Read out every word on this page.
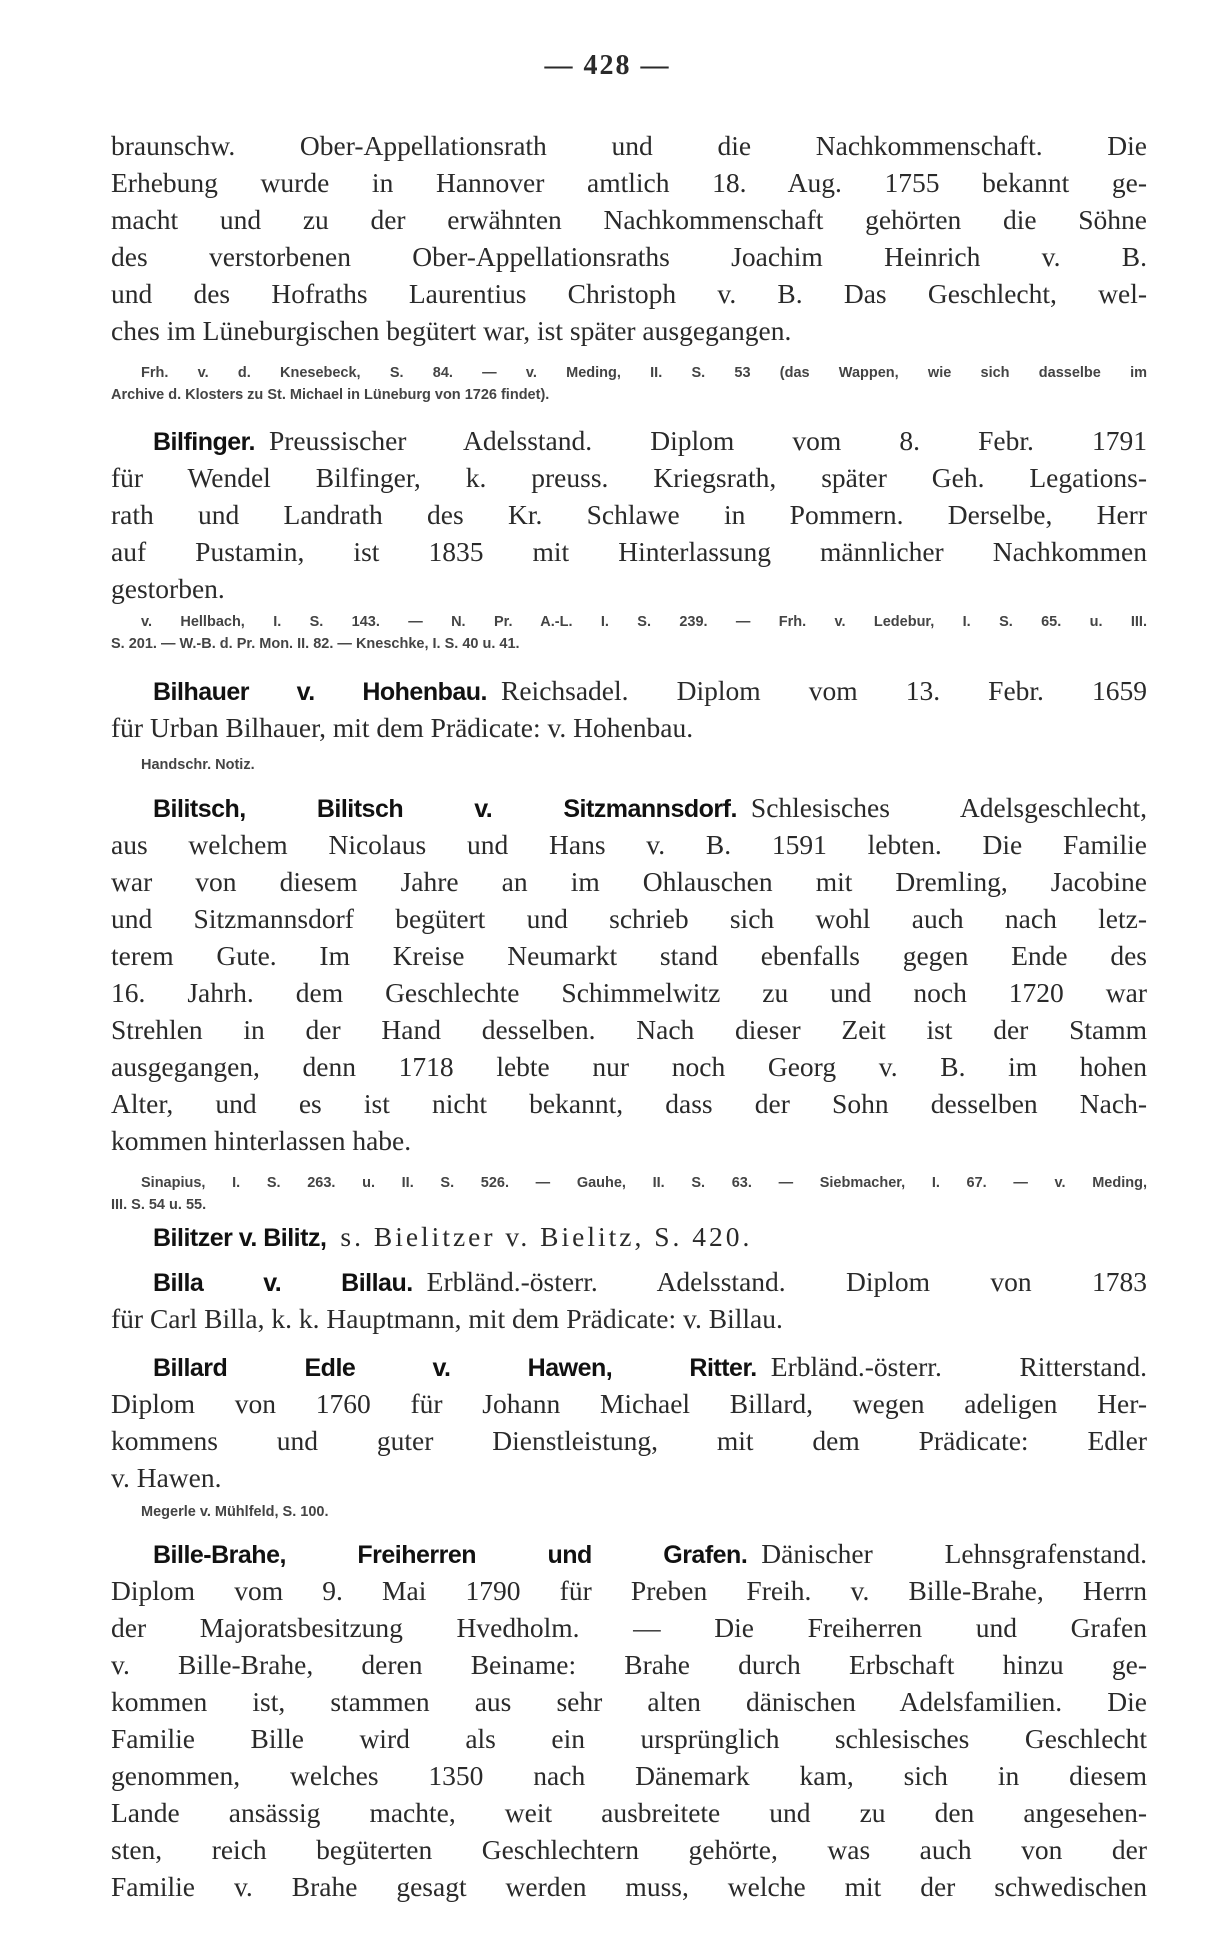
— 428 —
braunschw. Ober-Appellationsrath und die Nachkommenschaft. Die
Erhebung wurde in Hannover amtlich 18. Aug. 1755 bekannt ge-
macht und zu der erwähnten Nachkommenschaft gehörten die Söhne
des verstorbenen Ober-Appellationsraths Joachim Heinrich v. B.
und des Hofraths Laurentius Christoph v. B. Das Geschlecht, wel-
ches im Lüneburgischen begütert war, ist später ausgegangen.
Frh. v. d. Knesebeck, S. 84. — v. Meding, II. S. 53 (das Wappen, wie sich dasselbe im
Archive d. Klosters zu St. Michael in Lüneburg von 1726 findet).
Bilfinger. Preussischer Adelsstand. Diplom vom 8. Febr. 1791
für Wendel Bilfinger, k. preuss. Kriegsrath, später Geh. Legations-
rath und Landrath des Kr. Schlawe in Pommern. Derselbe, Herr
auf Pustamin, ist 1835 mit Hinterlassung männlicher Nachkommen
gestorben.
v. Hellbach, I. S. 143. — N. Pr. A.-L. I. S. 239. — Frh. v. Ledebur, I. S. 65. u. III.
S. 201. — W.-B. d. Pr. Mon. II. 82. — Kneschke, I. S. 40 u. 41.
Bilhauer v. Hohenbau. Reichsadel. Diplom vom 13. Febr. 1659
für Urban Bilhauer, mit dem Prädicate: v. Hohenbau.
Handschr. Notiz.
Bilitsch, Bilitsch v. Sitzmannsdorf. Schlesisches Adelsgeschlecht,
aus welchem Nicolaus und Hans v. B. 1591 lebten. Die Familie
war von diesem Jahre an im Ohlauschen mit Dremling, Jacobine
und Sitzmannsdorf begütert und schrieb sich wohl auch nach letz-
terem Gute. Im Kreise Neumarkt stand ebenfalls gegen Ende des
16. Jahrh. dem Geschlechte Schimmelwitz zu und noch 1720 war
Strehlen in der Hand desselben. Nach dieser Zeit ist der Stamm
ausgegangen, denn 1718 lebte nur noch Georg v. B. im hohen
Alter, und es ist nicht bekannt, dass der Sohn desselben Nach-
kommen hinterlassen habe.
Sinapius, I. S. 263. u. II. S. 526. — Gauhe, II. S. 63. — Siebmacher, I. 67. — v. Meding,
III. S. 54 u. 55.
Bilitzer v. Bilitz, s. Bielitzer v. Bielitz, S. 420.
Billa v. Billau. Erbländ.-österr. Adelsstand. Diplom von 1783
für Carl Billa, k. k. Hauptmann, mit dem Prädicate: v. Billau.
Billard Edle v. Hawen, Ritter. Erbländ.-österr. Ritterstand.
Diplom von 1760 für Johann Michael Billard, wegen adeligen Her-
kommens und guter Dienstleistung, mit dem Prädicate: Edler
v. Hawen.
Megerle v. Mühlfeld, S. 100.
Bille-Brahe, Freiherren und Grafen. Dänischer Lehnsgrafenstand.
Diplom vom 9. Mai 1790 für Preben Freih. v. Bille-Brahe, Herrn
der Majoratsbesitzung Hvedholm. — Die Freiherren und Grafen
v. Bille-Brahe, deren Beiname: Brahe durch Erbschaft hinzu ge-
kommen ist, stammen aus sehr alten dänischen Adelsfamilien. Die
Familie Bille wird als ein ursprünglich schlesisches Geschlecht
genommen, welches 1350 nach Dänemark kam, sich in diesem
Lande ansässig machte, weit ausbreitete und zu den angesehen-
sten, reich begüterten Geschlechtern gehörte, was auch von der
Familie v. Brahe gesagt werden muss, welche mit der schwedischen
